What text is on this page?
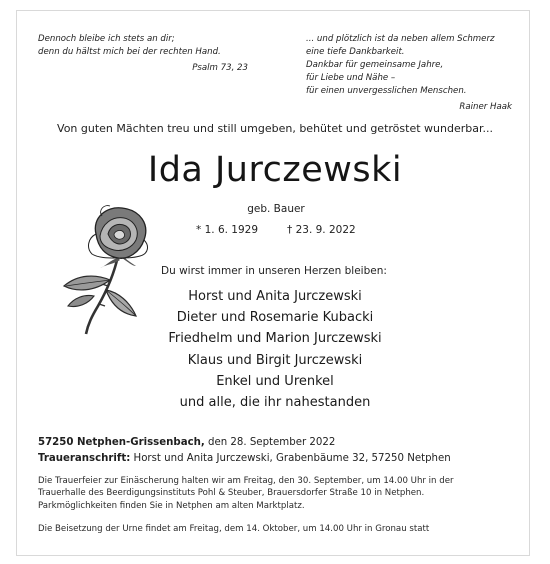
Dennoch bleibe ich stets an dir;
denn du hältst mich bei der rechten Hand.
Psalm 73, 23
... und plötzlich ist da neben allem Schmerz
eine tiefe Dankbarkeit.
Dankbar für gemeinsame Jahre,
für Liebe und Nähe –
für einen unvergesslichen Menschen.
Rainer Haak
Von guten Mächten treu und still umgeben, behütet und getröstet wunderbar...
Ida Jurczewski
geb. Bauer
* 1. 6. 1929	† 23. 9. 2022
Du wirst immer in unseren Herzen bleiben:
Horst und Anita Jurczewski
Dieter und Rosemarie Kubacki
Friedhelm und Marion Jurczewski
Klaus und Birgit Jurczewski
Enkel und Urenkel
und alle, die ihr nahestanden
57250 Netphen-Grissenbach, den 28. September 2022
Traueranschrift: Horst und Anita Jurczewski, Grabenbäume 32, 57250 Netphen
Die Trauerfeier zur Einäscherung halten wir am Freitag, den 30. September, um 14.00 Uhr in der
Trauerhalle des Beerdigungsinstituts Pohl & Steuber, Brauersdorfer Straße 10 in Netphen.
Parkmöglichkeiten finden Sie in Netphen am alten Marktplatz.
Die Beisetzung der Urne findet am Freitag, dem 14. Oktober, um 14.00 Uhr in Gronau statt
